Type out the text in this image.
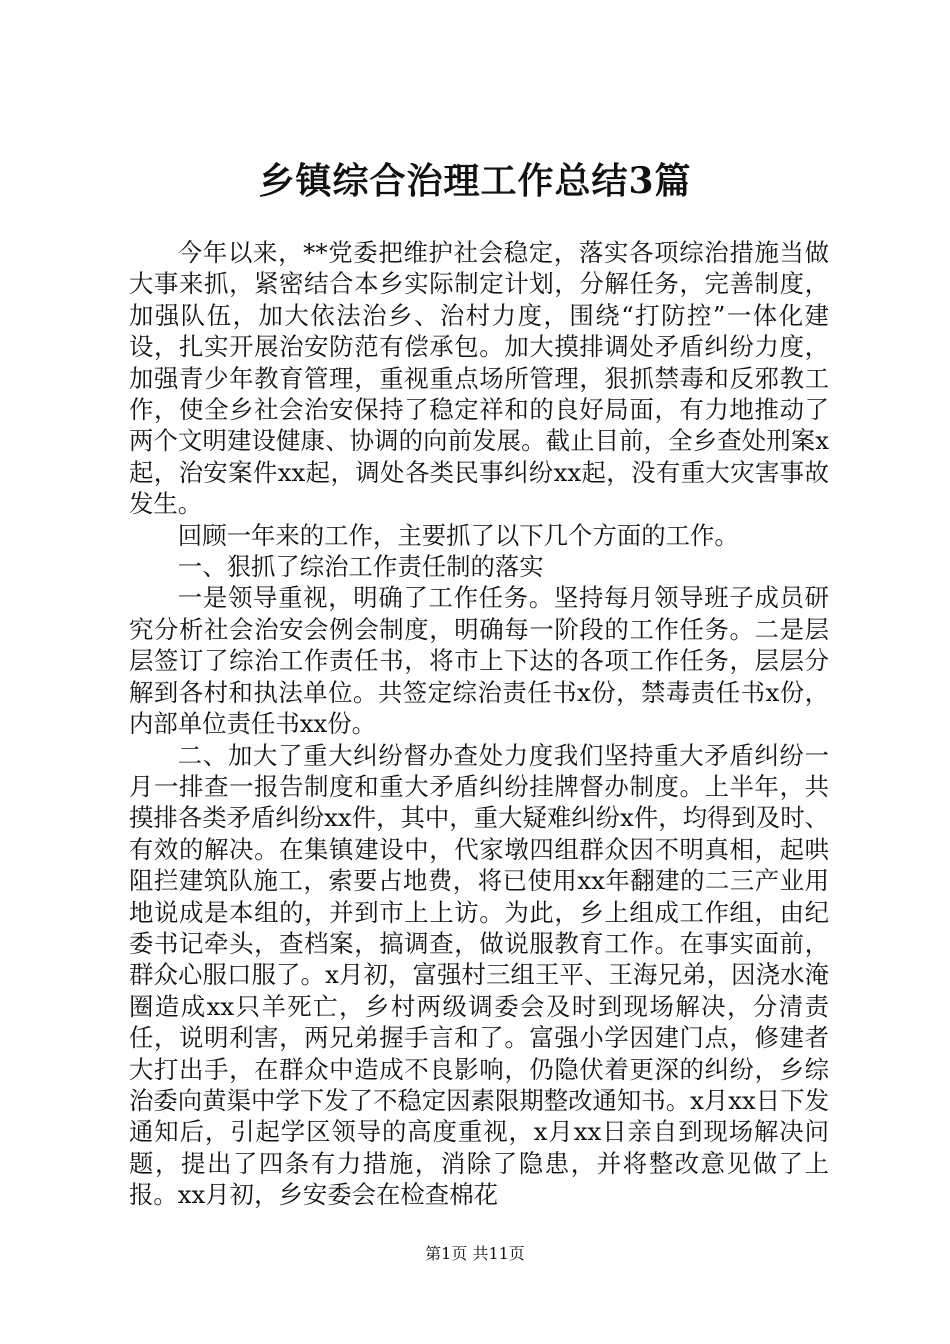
乡镇综合治理工作总结3篇

今年以来，**党委把维护社会稳定，落实各项综治措施当做大事来抓，紧密结合本乡实际制定计划，分解任务，完善制度，加强队伍，加大依法治乡、治村力度，围绕“打防控”一体化建设，扎实开展治安防范有偿承包。加大摸排调处矛盾纠纷力度，加强青少年教育管理，重视重点场所管理，狠抓禁毒和反邪教工作，使全乡社会治安保持了稳定祥和的良好局面，有力地推动了两个文明建设健康、协调的向前发展。截止目前，全乡查处刑案x起，治安案件xx起，调处各类民事纠纷xx起，没有重大灾害事故发生。

回顾一年来的工作，主要抓了以下几个方面的工作。

一、狠抓了综治工作责任制的落实

一是领导重视，明确了工作任务。坚持每月领导班子成员研究分析社会治安会例会制度，明确每一阶段的工作任务。二是层层签订了综治工作责任书，将市上下达的各项工作任务，层层分解到各村和执法单位。共签定综治责任书x份，禁毒责任书x份，内部单位责任书xx份。

二、加大了重大纠纷督办查处力度我们坚持重大矛盾纠纷一月一排查一报告制度和重大矛盾纠纷挂牌督办制度。上半年，共摸排各类矛盾纠纷xx件，其中，重大疑难纠纷x件，均得到及时、有效的解决。在集镇建设中，代家墩四组群众因不明真相，起哄阻拦建筑队施工，索要占地费，将已使用xx年翻建的二三产业用地说成是本组的，并到市上上访。为此，乡上组成工作组，由纪委书记牵头，查档案，搞调查，做说服教育工作。在事实面前，群众心服口服了。x月初，富强村三组王平、王海兄弟，因浇水淹圈造成xx只羊死亡，乡村两级调委会及时到现场解决，分清责任，说明利害，两兄弟握手言和了。富强小学因建门点，修建者大打出手，在群众中造成不良影响，仍隐伏着更深的纠纷，乡综治委向黄渠中学下发了不稳定因素限期整改通知书。x月xx日下发通知后，引起学区领导的高度重视，x月xx日亲自到现场解决问题，提出了四条有力措施，消除了隐患，并将整改意见做了上报。xx月初，乡安委会在检查棉花

第1页 共11页
